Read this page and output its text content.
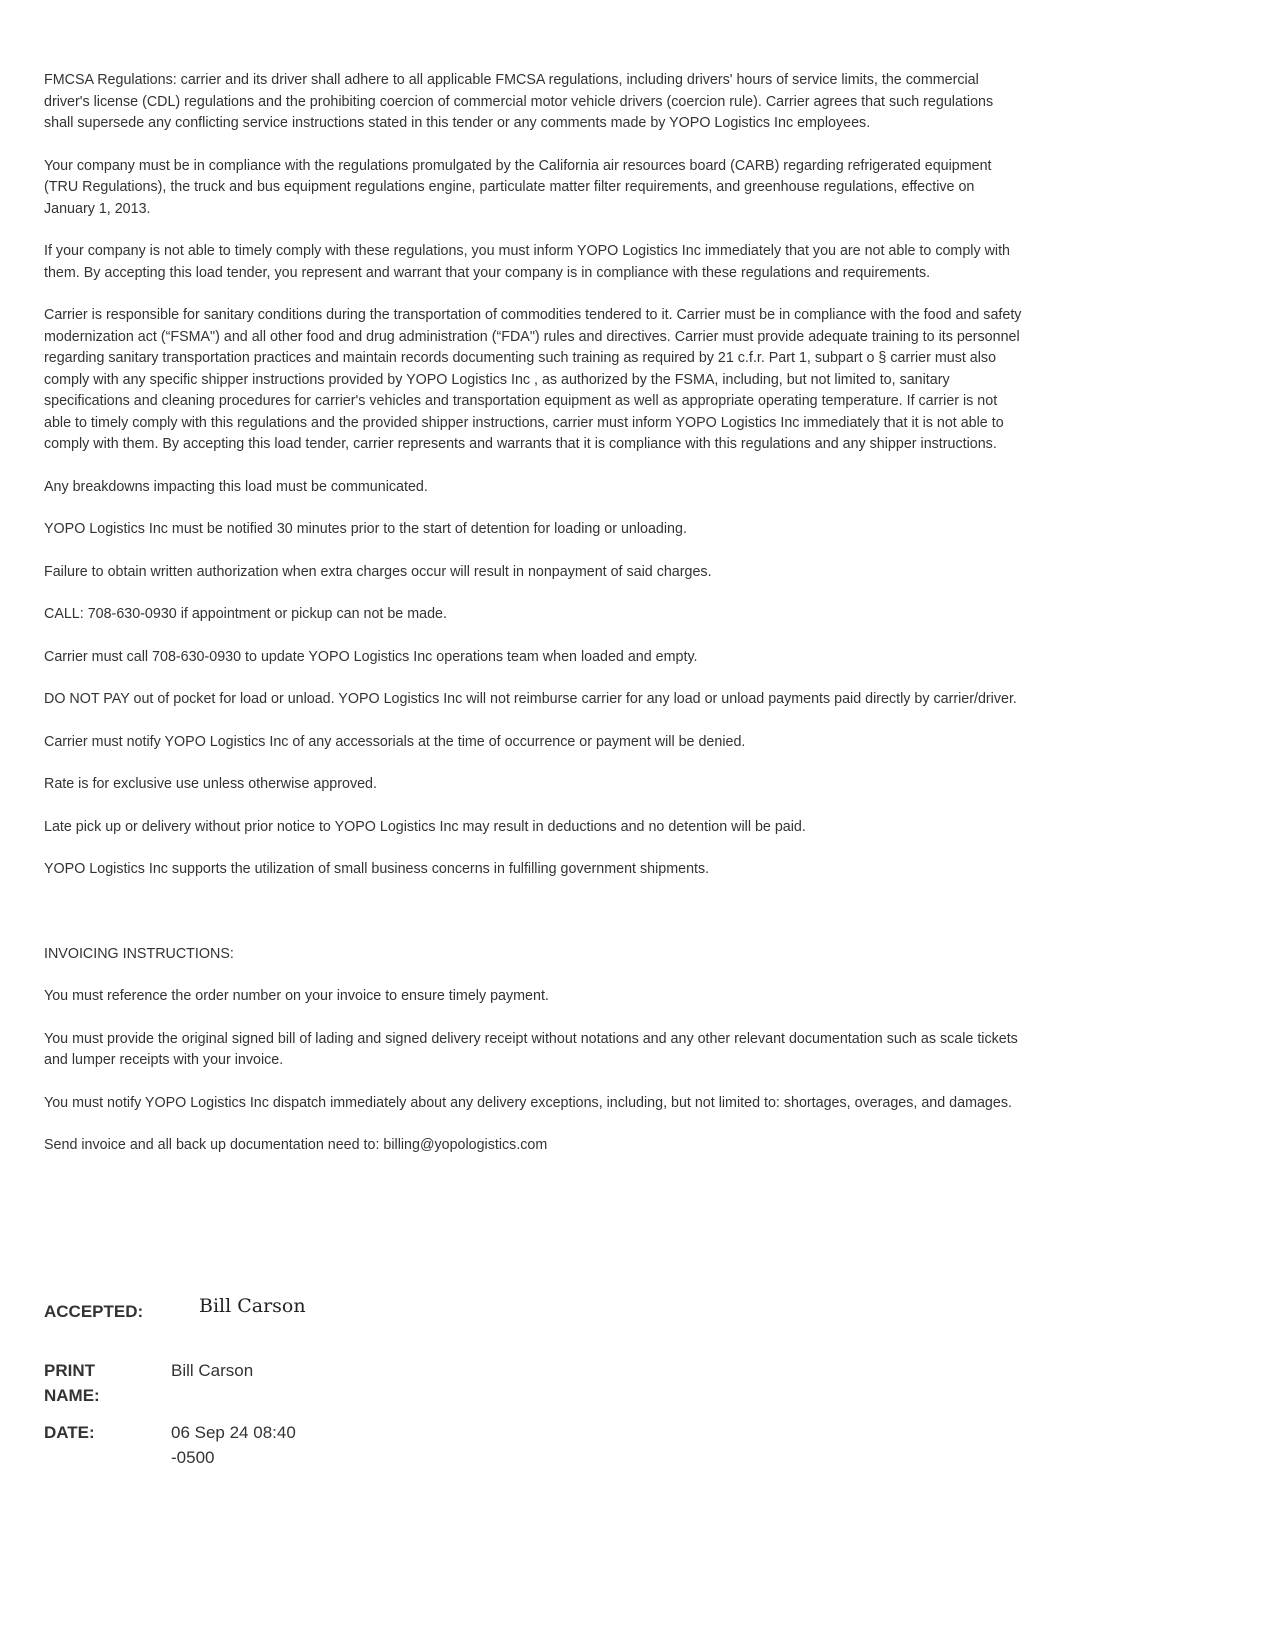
FMCSA Regulations: carrier and its driver shall adhere to all applicable FMCSA regulations, including drivers' hours of service limits, the commercial driver's license (CDL) regulations and the prohibiting coercion of commercial motor vehicle drivers (coercion rule). Carrier agrees that such regulations shall supersede any conflicting service instructions stated in this tender or any comments made by YOPO Logistics Inc employees.

Your company must be in compliance with the regulations promulgated by the California air resources board (CARB) regarding refrigerated equipment (TRU Regulations), the truck and bus equipment regulations engine, particulate matter filter requirements, and greenhouse regulations, effective on January 1, 2013.

If your company is not able to timely comply with these regulations, you must inform YOPO Logistics Inc immediately that you are not able to comply with them. By accepting this load tender, you represent and warrant that your company is in compliance with these regulations and requirements.

Carrier is responsible for sanitary conditions during the transportation of commodities tendered to it. Carrier must be in compliance with the food and safety modernization act (“FSMA") and all other food and drug administration (“FDA") rules and directives. Carrier must provide adequate training to its personnel regarding sanitary transportation practices and maintain records documenting such training as required by 21 c.f.r. Part 1, subpart o § carrier must also comply with any specific shipper instructions provided by YOPO Logistics Inc , as authorized by the FSMA, including, but not limited to, sanitary specifications and cleaning procedures for carrier's vehicles and transportation equipment as well as appropriate operating temperature. If carrier is not able to timely comply with this regulations and the provided shipper instructions, carrier must inform YOPO Logistics Inc immediately that it is not able to comply with them. By accepting this load tender, carrier represents and warrants that it is compliance with this regulations and any shipper instructions.

Any breakdowns impacting this load must be communicated.

YOPO Logistics Inc must be notified 30 minutes prior to the start of detention for loading or unloading.

Failure to obtain written authorization when extra charges occur will result in nonpayment of said charges.

CALL: 708-630-0930 if appointment or pickup can not be made.

Carrier must call 708-630-0930 to update YOPO Logistics Inc operations team when loaded and empty.

DO NOT PAY out of pocket for load or unload. YOPO Logistics Inc will not reimburse carrier for any load or unload payments paid directly by carrier/driver.

Carrier must notify YOPO Logistics Inc of any accessorials at the time of occurrence or payment will be denied.

Rate is for exclusive use unless otherwise approved.

Late pick up or delivery without prior notice to YOPO Logistics Inc may result in deductions and no detention will be paid.

YOPO Logistics Inc supports the utilization of small business concerns in fulfilling government shipments.

INVOICING INSTRUCTIONS:

You must reference the order number on your invoice to ensure timely payment.

You must provide the original signed bill of lading and signed delivery receipt without notations and any other relevant documentation such as scale tickets and lumper receipts with your invoice.

You must notify YOPO Logistics Inc dispatch immediately about any delivery exceptions, including, but not limited to: shortages, overages, and damages.

Send invoice and all back up documentation need to: billing@yopologistics.com

ACCEPTED:	Bill Carson
PRINT NAME:
Bill Carson
DATE:	06 Sep 24 08:40 -0500
